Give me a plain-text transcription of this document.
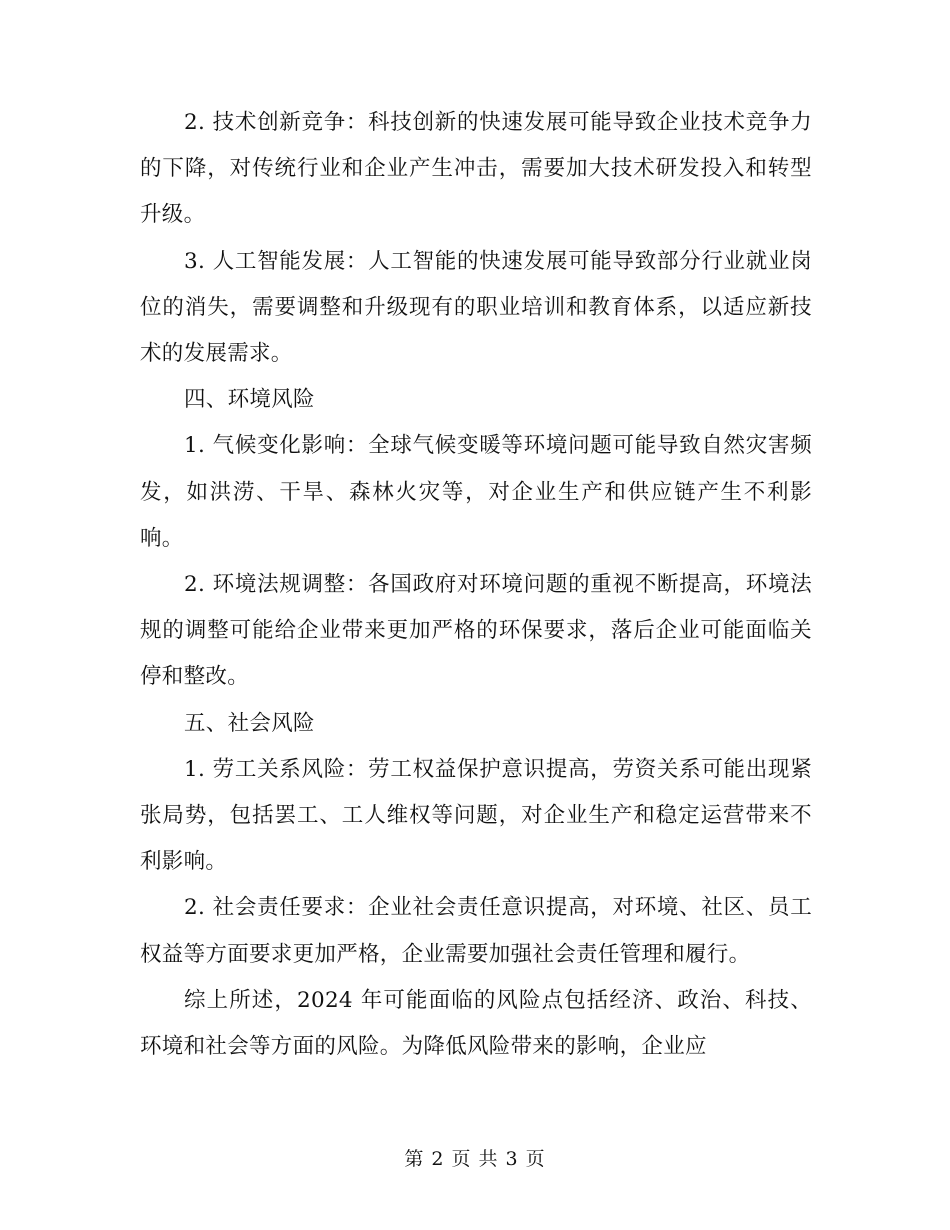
2. 技术创新竞争：科技创新的快速发展可能导致企业技术竞争力的下降，对传统行业和企业产生冲击，需要加大技术研发投入和转型升级。

3. 人工智能发展：人工智能的快速发展可能导致部分行业就业岗位的消失，需要调整和升级现有的职业培训和教育体系，以适应新技术的发展需求。

四、环境风险

1. 气候变化影响：全球气候变暖等环境问题可能导致自然灾害频发，如洪涝、干旱、森林火灾等，对企业生产和供应链产生不利影响。

2. 环境法规调整：各国政府对环境问题的重视不断提高，环境法规的调整可能给企业带来更加严格的环保要求，落后企业可能面临关停和整改。

五、社会风险

1. 劳工关系风险：劳工权益保护意识提高，劳资关系可能出现紧张局势，包括罢工、工人维权等问题，对企业生产和稳定运营带来不利影响。

2. 社会责任要求：企业社会责任意识提高，对环境、社区、员工权益等方面要求更加严格，企业需要加强社会责任管理和履行。

综上所述，2024 年可能面临的风险点包括经济、政治、科技、环境和社会等方面的风险。为降低风险带来的影响，企业应

第 2 页 共 3 页
